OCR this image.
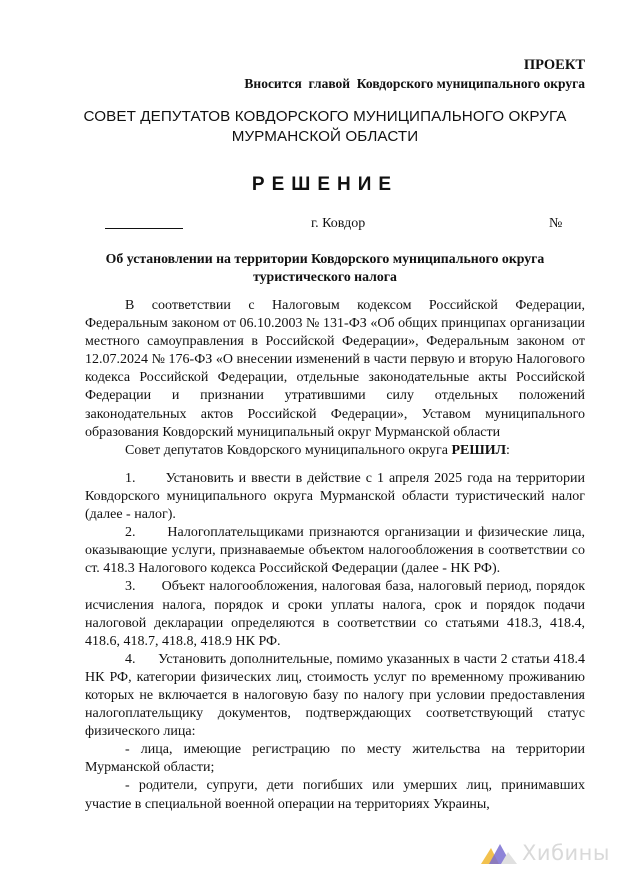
ПРОЕКТ
Вносится  главой  Ковдорского муниципального округа
СОВЕТ ДЕПУТАТОВ КОВДОРСКОГО МУНИЦИПАЛЬНОГО ОКРУГА
МУРМАНСКОЙ ОБЛАСТИ
РЕШЕНИЕ
г. Ковдор	№
Об установлении на территории Ковдорского муниципального округа
туристического налога

В соответствии с Налоговым кодексом Российской Федерации, Федеральным законом от 06.10.2003 № 131-ФЗ «Об общих принципах организации местного самоуправления в Российской Федерации», Федеральным законом от 12.07.2024 № 176-ФЗ «О внесении изменений в части первую и вторую Налогового кодекса Российской Федерации, отдельные законодательные акты Российской Федерации и признании утратившими силу отдельных положений законодательных актов Российской Федерации», Уставом муниципального образования Ковдорский муниципальный округ Мурманской области

Совет депутатов Ковдорского муниципального округа РЕШИЛ:

1.      Установить и ввести в действие с 1 апреля 2025 года на территории Ковдорского муниципального округа Мурманской области туристический налог (далее - налог).

2.      Налогоплательщиками признаются организации и физические лица, оказывающие услуги, признаваемые объектом налогообложения в соответствии со ст. 418.3 Налогового кодекса Российской Федерации (далее - НК РФ).

3.      Объект налогообложения, налоговая база, налоговый период, порядок исчисления налога, порядок и сроки уплаты налога, срок и порядок подачи налоговой декларации определяются в соответствии со статьями 418.3, 418.4, 418.6, 418.7, 418.8, 418.9 НК РФ.

4.      Установить дополнительные, помимо указанных в части 2 статьи 418.4 НК РФ, категории физических лиц, стоимость услуг по временному проживанию которых не включается в налоговую базу по налогу при условии предоставления налогоплательщику документов, подтверждающих соответствующий статус физического лица:

- лица, имеющие регистрацию по месту жительства на территории Мурманской области;

- родители, супруги, дети погибших или умерших лиц, принимавших участие в специальной военной операции на территориях Украины,

Хибины
